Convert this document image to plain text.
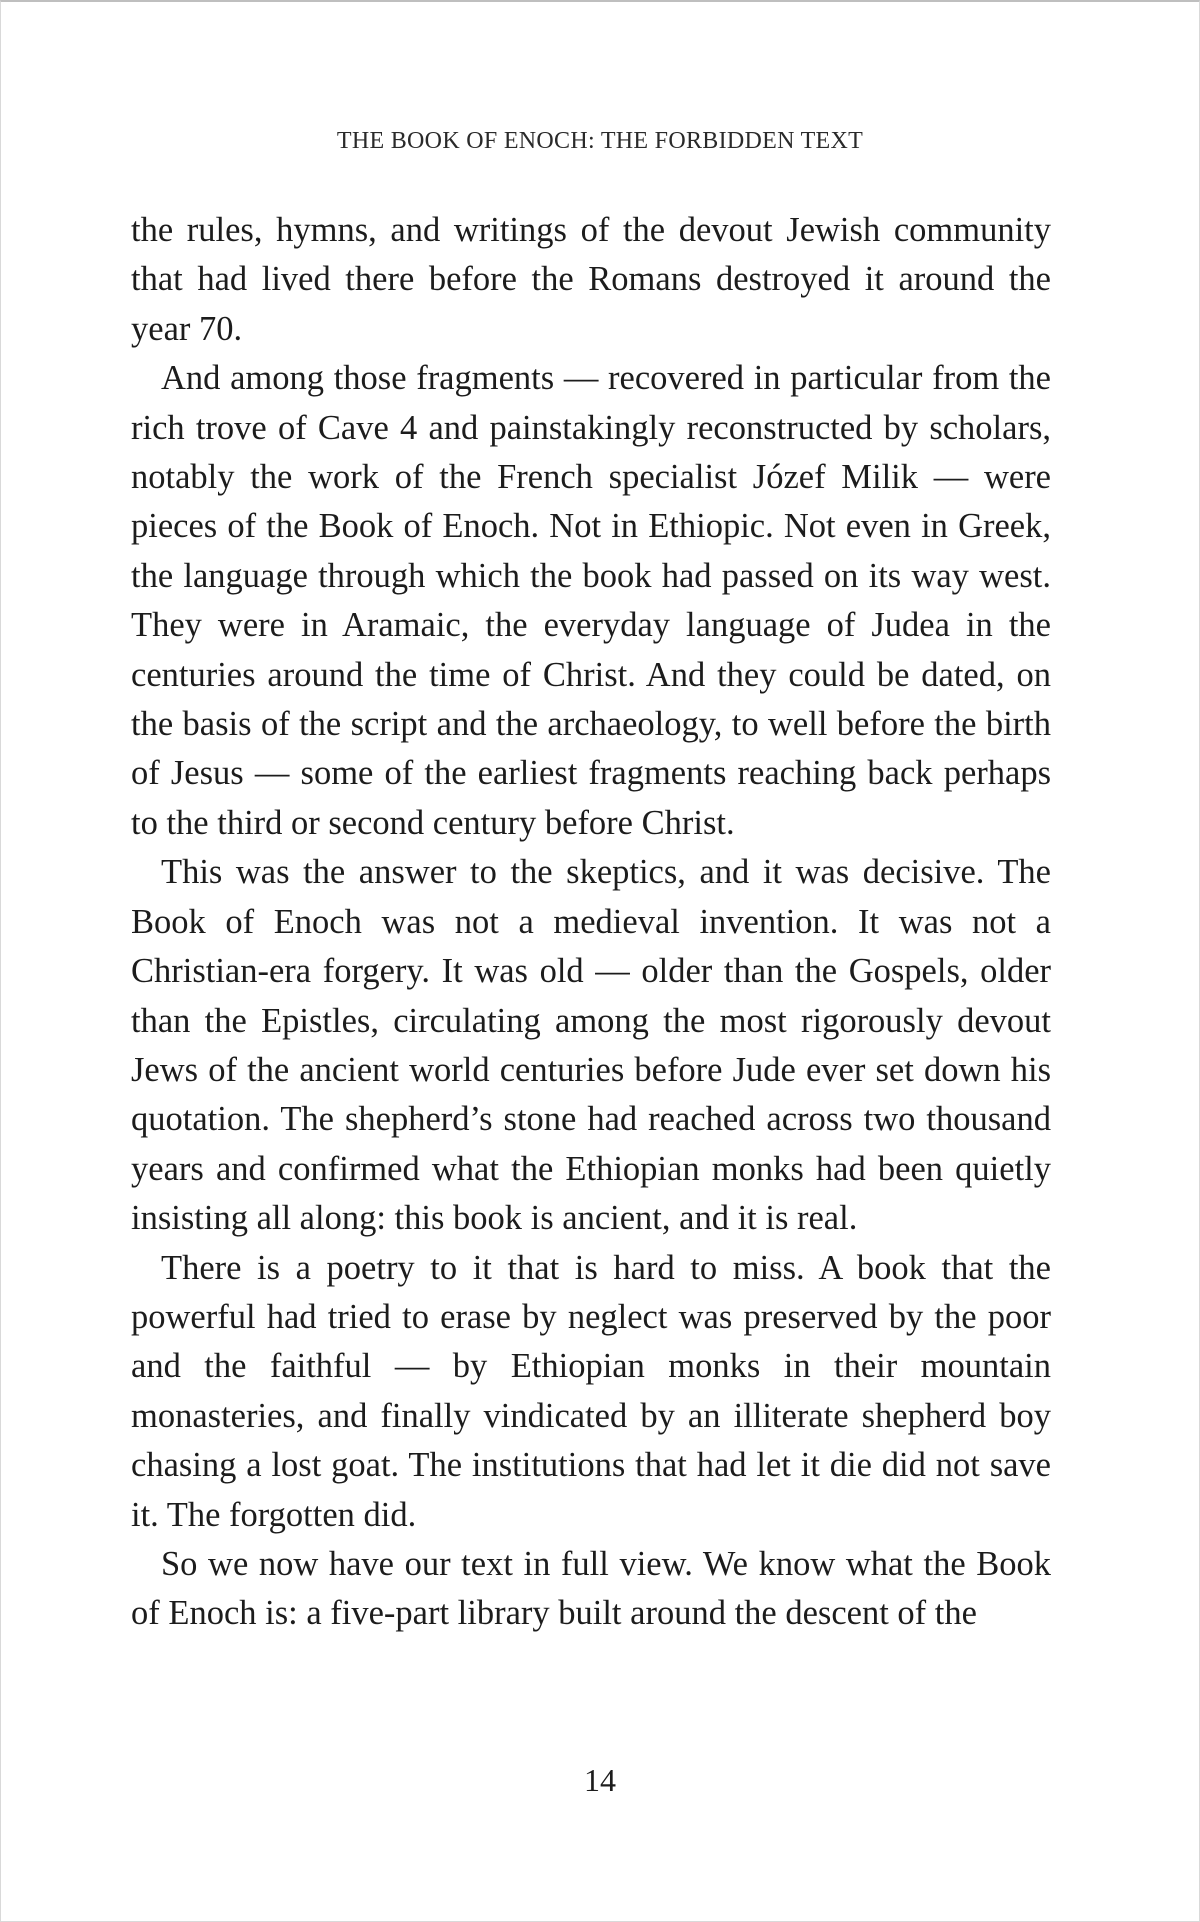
THE BOOK OF ENOCH: THE FORBIDDEN TEXT

the rules, hymns, and writings of the devout Jewish community that had lived there before the Romans destroyed it around the year 70.

And among those fragments — recovered in particular from the rich trove of Cave 4 and painstakingly reconstructed by scholars, notably the work of the French specialist Józef Milik — were pieces of the Book of Enoch. Not in Ethiopic. Not even in Greek, the language through which the book had passed on its way west. They were in Aramaic, the everyday language of Judea in the centuries around the time of Christ. And they could be dated, on the basis of the script and the archaeology, to well before the birth of Jesus — some of the earliest fragments reaching back perhaps to the third or second century before Christ.

This was the answer to the skeptics, and it was decisive. The Book of Enoch was not a medieval invention. It was not a Christian-era forgery. It was old — older than the Gospels, older than the Epistles, circulating among the most rigorously devout Jews of the ancient world centuries before Jude ever set down his quotation. The shepherd’s stone had reached across two thousand years and confirmed what the Ethiopian monks had been quietly insisting all along: this book is ancient, and it is real.

There is a poetry to it that is hard to miss. A book that the powerful had tried to erase by neglect was preserved by the poor and the faithful — by Ethiopian monks in their mountain monasteries, and finally vindicated by an illiterate shepherd boy chasing a lost goat. The institutions that had let it die did not save it. The forgotten did.

So we now have our text in full view. We know what the Book of Enoch is: a five-part library built around the descent of the

14
